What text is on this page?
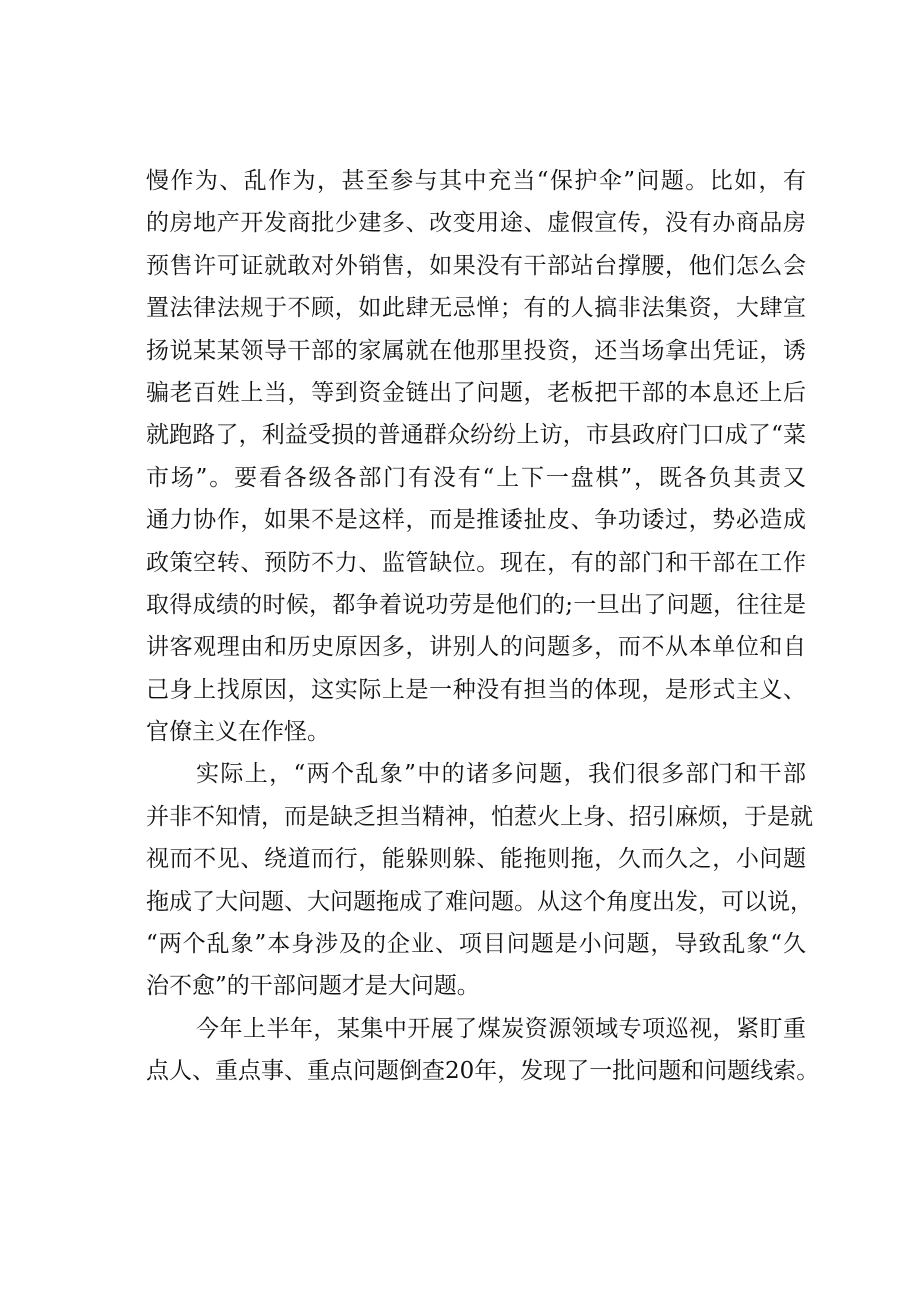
慢作为、乱作为，甚至参与其中充当“保护伞”问题。比如，有
的房地产开发商批少建多、改变用途、虚假宣传，没有办商品房
预售许可证就敢对外销售，如果没有干部站台撑腰，他们怎么会
置法律法规于不顾，如此肆无忌惮；有的人搞非法集资，大肆宣
扬说某某领导干部的家属就在他那里投资，还当场拿出凭证，诱
骗老百姓上当，等到资金链出了问题，老板把干部的本息还上后
就跑路了，利益受损的普通群众纷纷上访，市县政府门口成了“菜
市场”。要看各级各部门有没有“上下一盘棋”，既各负其责又
通力协作，如果不是这样，而是推诿扯皮、争功诿过，势必造成
政策空转、预防不力、监管缺位。现在，有的部门和干部在工作
取得成绩的时候，都争着说功劳是他们的;一旦出了问题，往往是
讲客观理由和历史原因多，讲别人的问题多，而不从本单位和自
己身上找原因，这实际上是一种没有担当的体现，是形式主义、
官僚主义在作怪。
实际上，“两个乱象”中的诸多问题，我们很多部门和干部
并非不知情，而是缺乏担当精神，怕惹火上身、招引麻烦，于是就
视而不见、绕道而行，能躲则躲、能拖则拖，久而久之，小问题
拖成了大问题、大问题拖成了难问题。从这个角度出发，可以说，
“两个乱象”本身涉及的企业、项目问题是小问题，导致乱象“久
治不愈”的干部问题才是大问题。
今年上半年，某集中开展了煤炭资源领域专项巡视，紧盯重
点人、重点事、重点问题倒查20年，发现了一批问题和问题线索。
